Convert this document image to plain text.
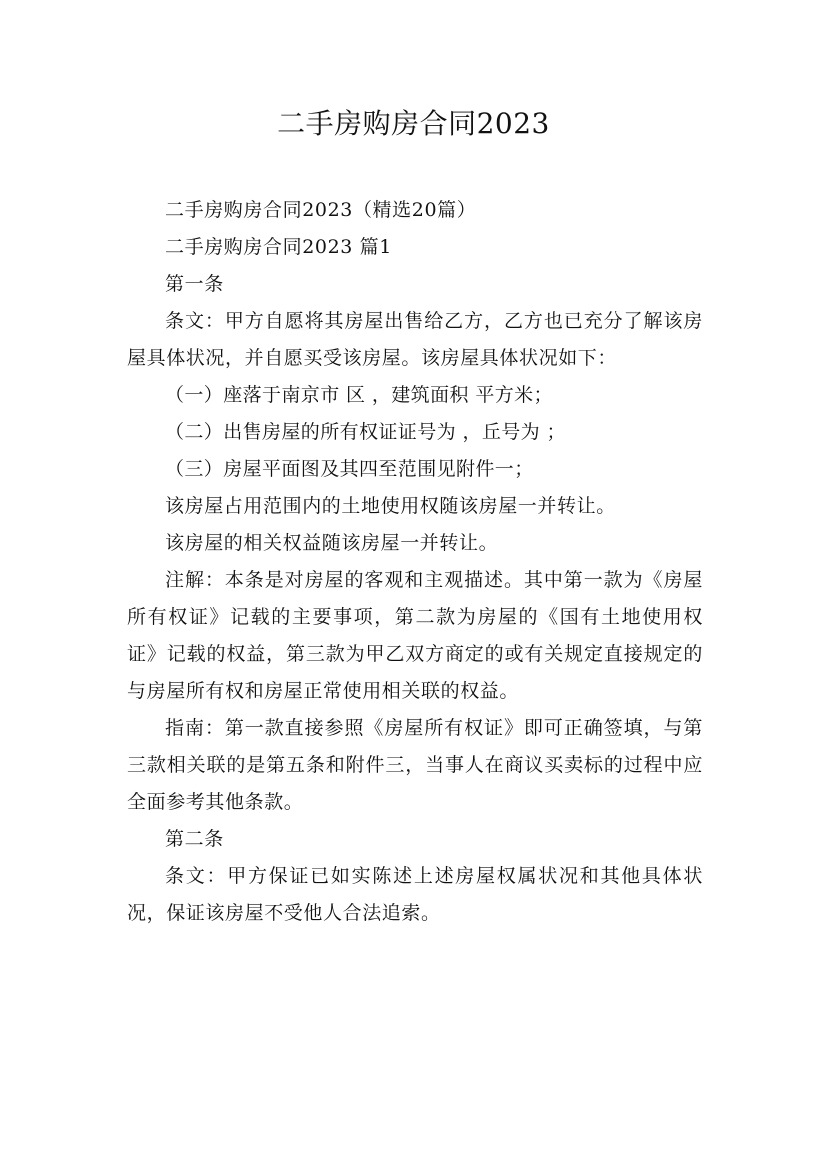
二手房购房合同2023

二手房购房合同2023（精选20篇）

二手房购房合同2023 篇1

第一条

条文：甲方自愿将其房屋出售给乙方，乙方也已充分了解该房屋具体状况，并自愿买受该房屋。该房屋具体状况如下：

（一）座落于南京市 区 ，建筑面积 平方米；

（二）出售房屋的所有权证证号为 ，丘号为 ；

（三）房屋平面图及其四至范围见附件一；

该房屋占用范围内的土地使用权随该房屋一并转让。

该房屋的相关权益随该房屋一并转让。

注解：本条是对房屋的客观和主观描述。其中第一款为《房屋所有权证》记载的主要事项，第二款为房屋的《国有土地使用权证》记载的权益，第三款为甲乙双方商定的或有关规定直接规定的与房屋所有权和房屋正常使用相关联的权益。

指南：第一款直接参照《房屋所有权证》即可正确签填，与第三款相关联的是第五条和附件三，当事人在商议买卖标的过程中应全面参考其他条款。

第二条

条文：甲方保证已如实陈述上述房屋权属状况和其他具体状况，保证该房屋不受他人合法追索。
